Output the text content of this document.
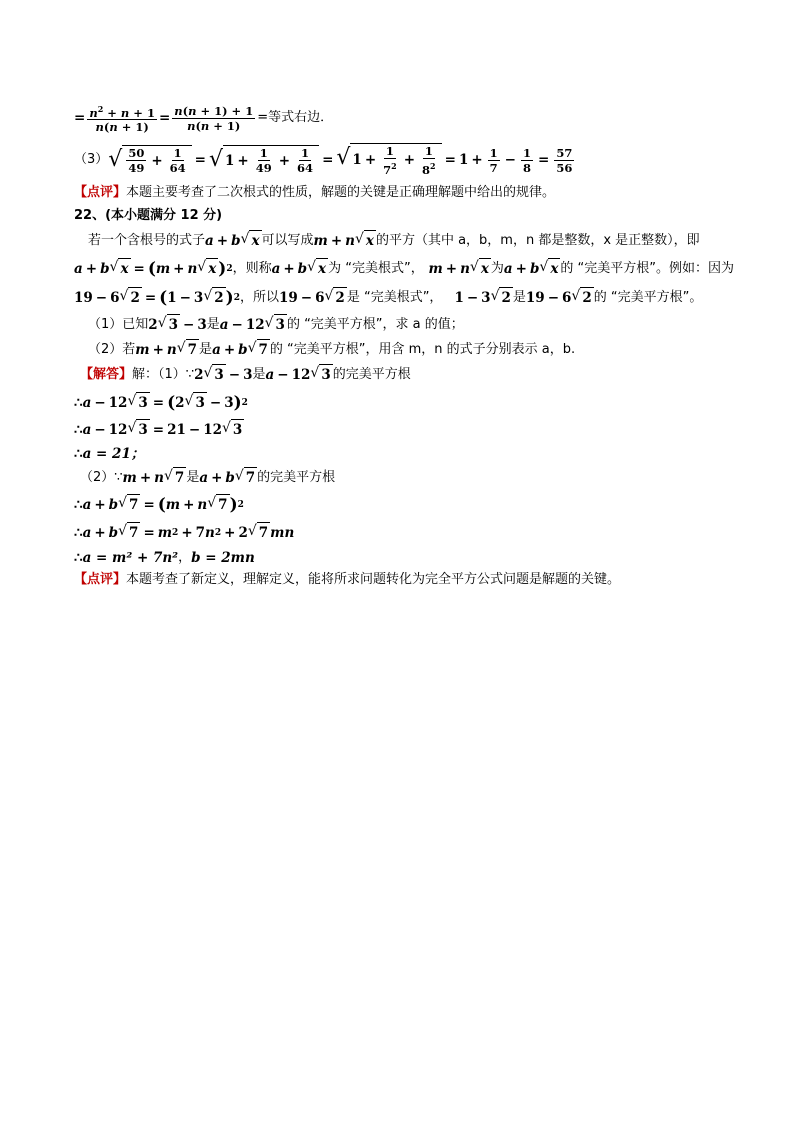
= $\frac{n^2 + n + 1}{n(n + 1)} = \frac{n(n + 1) + 1}{n(n + 1)}$ =等式右边．
（3） √ $\frac{50}{49} + \frac{1}{64}$ = √ $1 + \frac{1}{49} + \frac{1}{64}$ = √ $1 + \frac{1}{7^2} + \frac{1}{8^2} = 1 + \frac{1}{7} - \frac{1}{8} = \frac{57}{56}$
【点评】 本题主要考查了二次根式的性质，解题的关键是正确理解题中给出的规律。
22、(本小题满分 12 分)
若一个含根号的式子 a + b √ x 可以写成 m + n √ x 的平方（其中 a，b，m，n 都是整数，x 是正整数），即
a + b √ x = ( m + n √ x ) 2 ，则称 a + b √ x 为 “完美根式”， m + n √ x 为 a + b √ x 的 “完美平方根”。例如：因为
19 − 6 √ 2 = ( 1 − 3 √ 2 ) 2 ，所以 19 − 6 √ 2 是 “完美根式”， 1 − 3 √ 2 是 19 − 6 √ 2 的 “完美平方根”。
（1）已知 2 √ 3 − 3 是 a − 12 √ 3 的 “完美平方根”，求 a 的值；
（2）若 m + n √ 7 是 a + b √ 7 的 “完美平方根”，用含 m，n 的式子分别表示 a，b.
【解答】 解：（1）∵ 2 √ 3 − 3 是 a − 12 √ 3 的完美平方根
∴ a − 12 √ 3 = ( 2 √ 3 − 3 ) 2
∴ a − 12 √ 3 = 21 − 12 √ 3
∴ a = 21；
（2）∵ m + n √ 7 是 a + b √ 7 的完美平方根
∴ a + b √ 7 = ( m + n √ 7 ) 2
∴ a + b √ 7 = m 2 + 7 n 2 + 2 √ 7 mn
∴ a = m² + 7n² ， b = 2mn
【点评】 本题考查了新定义，理解定义，能将所求问题转化为完全平方公式问题是解题的关键。
